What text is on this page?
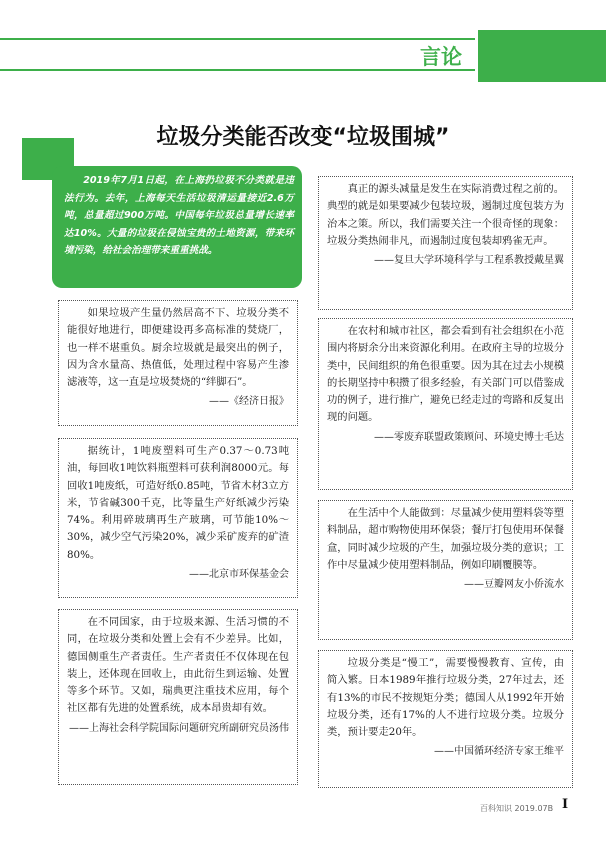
言论
垃圾分类能否改变“垃圾围城”

2019年7月1日起，在上海扔垃圾不分类就是违法行为。去年，上海每天生活垃圾清运量接近2.6万吨，总量超过900万吨。中国每年垃圾总量增长速率达10%。大量的垃圾在侵蚀宝贵的土地资源，带来环境污染，给社会治理带来重重挑战。

如果垃圾产生量仍然居高不下、垃圾分类不能很好地进行，即便建设再多高标准的焚烧厂，也一样不堪重负。厨余垃圾就是最突出的例子，因为含水量高、热值低，处理过程中容易产生渗滤液等，这一直是垃圾焚烧的“绊脚石”。

——《经济日报》

据统计，1吨废塑料可生产0.37～0.73吨油，每回收1吨饮料瓶塑料可获利润8000元。每回收1吨废纸，可造好纸0.85吨，节省木材3立方米，节省碱300千克，比等量生产好纸减少污染74%。利用碎玻璃再生产玻璃，可节能10%～30%，减少空气污染20%，减少采矿废弃的矿渣80%。

——北京市环保基金会

在不同国家，由于垃圾来源、生活习惯的不同，在垃圾分类和处置上会有不少差异。比如，德国侧重生产者责任。生产者责任不仅体现在包装上，还体现在回收上，由此衍生到运输、处置等多个环节。又如，瑞典更注重技术应用，每个社区都有先进的处置系统，成本昂贵却有效。

——上海社会科学院国际问题研究所副研究员汤伟

真正的源头减量是发生在实际消费过程之前的。典型的就是如果要减少包装垃圾，遏制过度包装方为治本之策。所以，我们需要关注一个很奇怪的现象：垃圾分类热闹非凡，而遏制过度包装却鸦雀无声。

——复旦大学环境科学与工程系教授戴星翼

在农村和城市社区，都会看到有社会组织在小范围内将厨余分出来资源化利用。在政府主导的垃圾分类中，民间组织的角色很重要。因为其在过去小规模的长期坚持中积攒了很多经验，有关部门可以借鉴成功的例子，进行推广，避免已经走过的弯路和反复出现的问题。

——零废弃联盟政策顾问、环境史博士毛达

在生活中个人能做到：尽量减少使用塑料袋等塑料制品，超市购物使用环保袋；餐厅打包使用环保餐盒，同时减少垃圾的产生，加强垃圾分类的意识；工作中尽量减少使用塑料制品，例如印刷覆膜等。

——豆瓣网友小侨流水

垃圾分类是“慢工”，需要慢慢教育、宣传，由简入繁。日本1989年推行垃圾分类，27年过去，还有13%的市民不按规矩分类；德国人从1992年开始垃圾分类，还有17%的人不进行垃圾分类。垃圾分类，预计要走20年。

——中国循环经济专家王维平

百科知识 2019.07B I
